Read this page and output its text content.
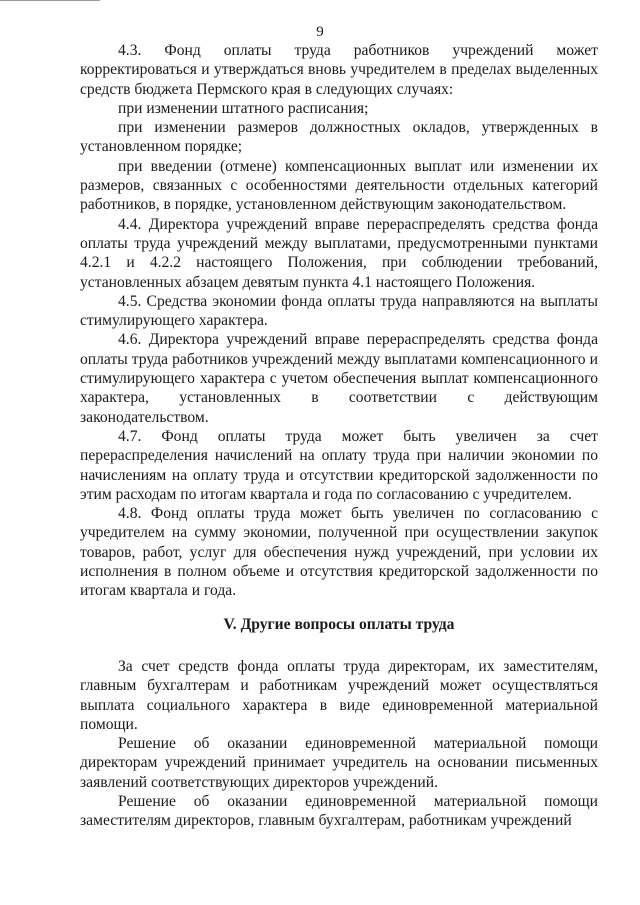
9

4.3. Фонд оплаты труда работников учреждений может корректироваться и утверждаться вновь учредителем в пределах выделенных средств бюджета Пермского края в следующих случаях:

при изменении штатного расписания;

при изменении размеров должностных окладов, утвержденных в установленном порядке;

при введении (отмене) компенсационных выплат или изменении их размеров, связанных с особенностями деятельности отдельных категорий работников, в порядке, установленном действующим законодательством.

4.4. Директора учреждений вправе перераспределять средства фонда оплаты труда учреждений между выплатами, предусмотренными пунктами 4.2.1 и 4.2.2 настоящего Положения, при соблюдении требований, установленных абзацем девятым пункта 4.1 настоящего Положения.

4.5. Средства экономии фонда оплаты труда направляются на выплаты стимулирующего характера.

4.6. Директора учреждений вправе перераспределять средства фонда оплаты труда работников учреждений между выплатами компенсационного и стимулирующего характера с учетом обеспечения выплат компенсационного характера, установленных в соответствии с действующим законодательством.

4.7. Фонд оплаты труда может быть увеличен за счет перераспределения начислений на оплату труда при наличии экономии по начислениям на оплату труда и отсутствии кредиторской задолженности по этим расходам по итогам квартала и года по согласованию с учредителем.

4.8. Фонд оплаты труда может быть увеличен по согласованию с учредителем на сумму экономии, полученной при осуществлении закупок товаров, работ, услуг для обеспечения нужд учреждений, при условии их исполнения в полном объеме и отсутствия кредиторской задолженности по итогам квартала и года.

V. Другие вопросы оплаты труда

За счет средств фонда оплаты труда директорам, их заместителям, главным бухгалтерам и работникам учреждений может осуществляться выплата социального характера в виде единовременной материальной помощи.

Решение об оказании единовременной материальной помощи директорам учреждений принимает учредитель на основании письменных заявлений соответствующих директоров учреждений.

Решение об оказании единовременной материальной помощи заместителям директоров, главным бухгалтерам, работникам учреждений
